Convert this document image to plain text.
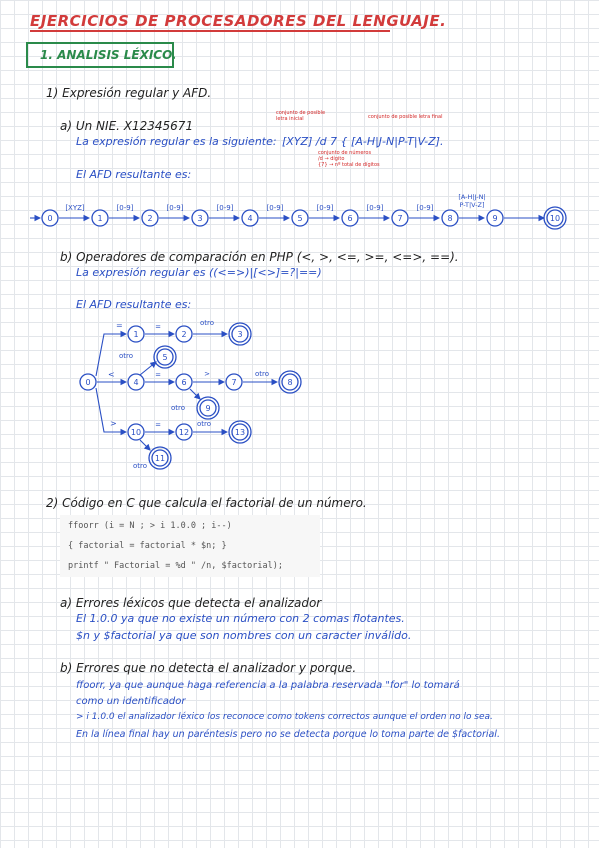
EJERCICIOS DE PROCESADORES DEL LENGUAJE.
1. ANALISIS LÉXICO.
1) Expresión regular y AFD.
a) Un NIE. X12345671
conjunto de posible
letra inicial	conjunto de posible letra final
La expresión regular es la siguiente: [XYZ] /d 7 { [A-H|J-N|P-T|V-Z].
conjunto de números
/d → dígito
{7} → nº total de dígitos
El AFD resultante es:
[XYZ]	[0-9]	[0-9]	[0-9]	[0-9]	[0-9]	[0-9]	[0-9]
[A-H|J-N|
P-T|V-Z]
0	1	2	3	4	5	6	7	8	9	10
=
<
>
=	otro
otro
=	>	otro
otro
=	otro
otro
0
1	2	3
4
5
6	7	8
9
10
11
12	13
b) Operadores de comparación en PHP (<, >, <=, >=, <=>, ==).
La expresión regular es ((<=>)|[<>]=?|==)
El AFD resultante es:
2) Código en C que calcula el factorial de un número.
ffoorr (i = N ; > i 1.0.0 ; i--)
{ factorial = factorial * $n; }
printf " Factorial = %d " /n, $factorial);
a) Errores léxicos que detecta el analizador
El 1.0.0 ya que no existe un número con 2 comas flotantes.
$n y $factorial ya que son nombres con un caracter inválido.
b) Errores que no detecta el analizador y porque.
ffoorr, ya que aunque haga referencia a la palabra reservada "for" lo tomará
como un identificador
> i 1.0.0 el analizador léxico los reconoce como tokens correctos aunque el orden no lo sea.
En la línea final hay un paréntesis pero no se detecta porque lo toma parte de $factorial.
